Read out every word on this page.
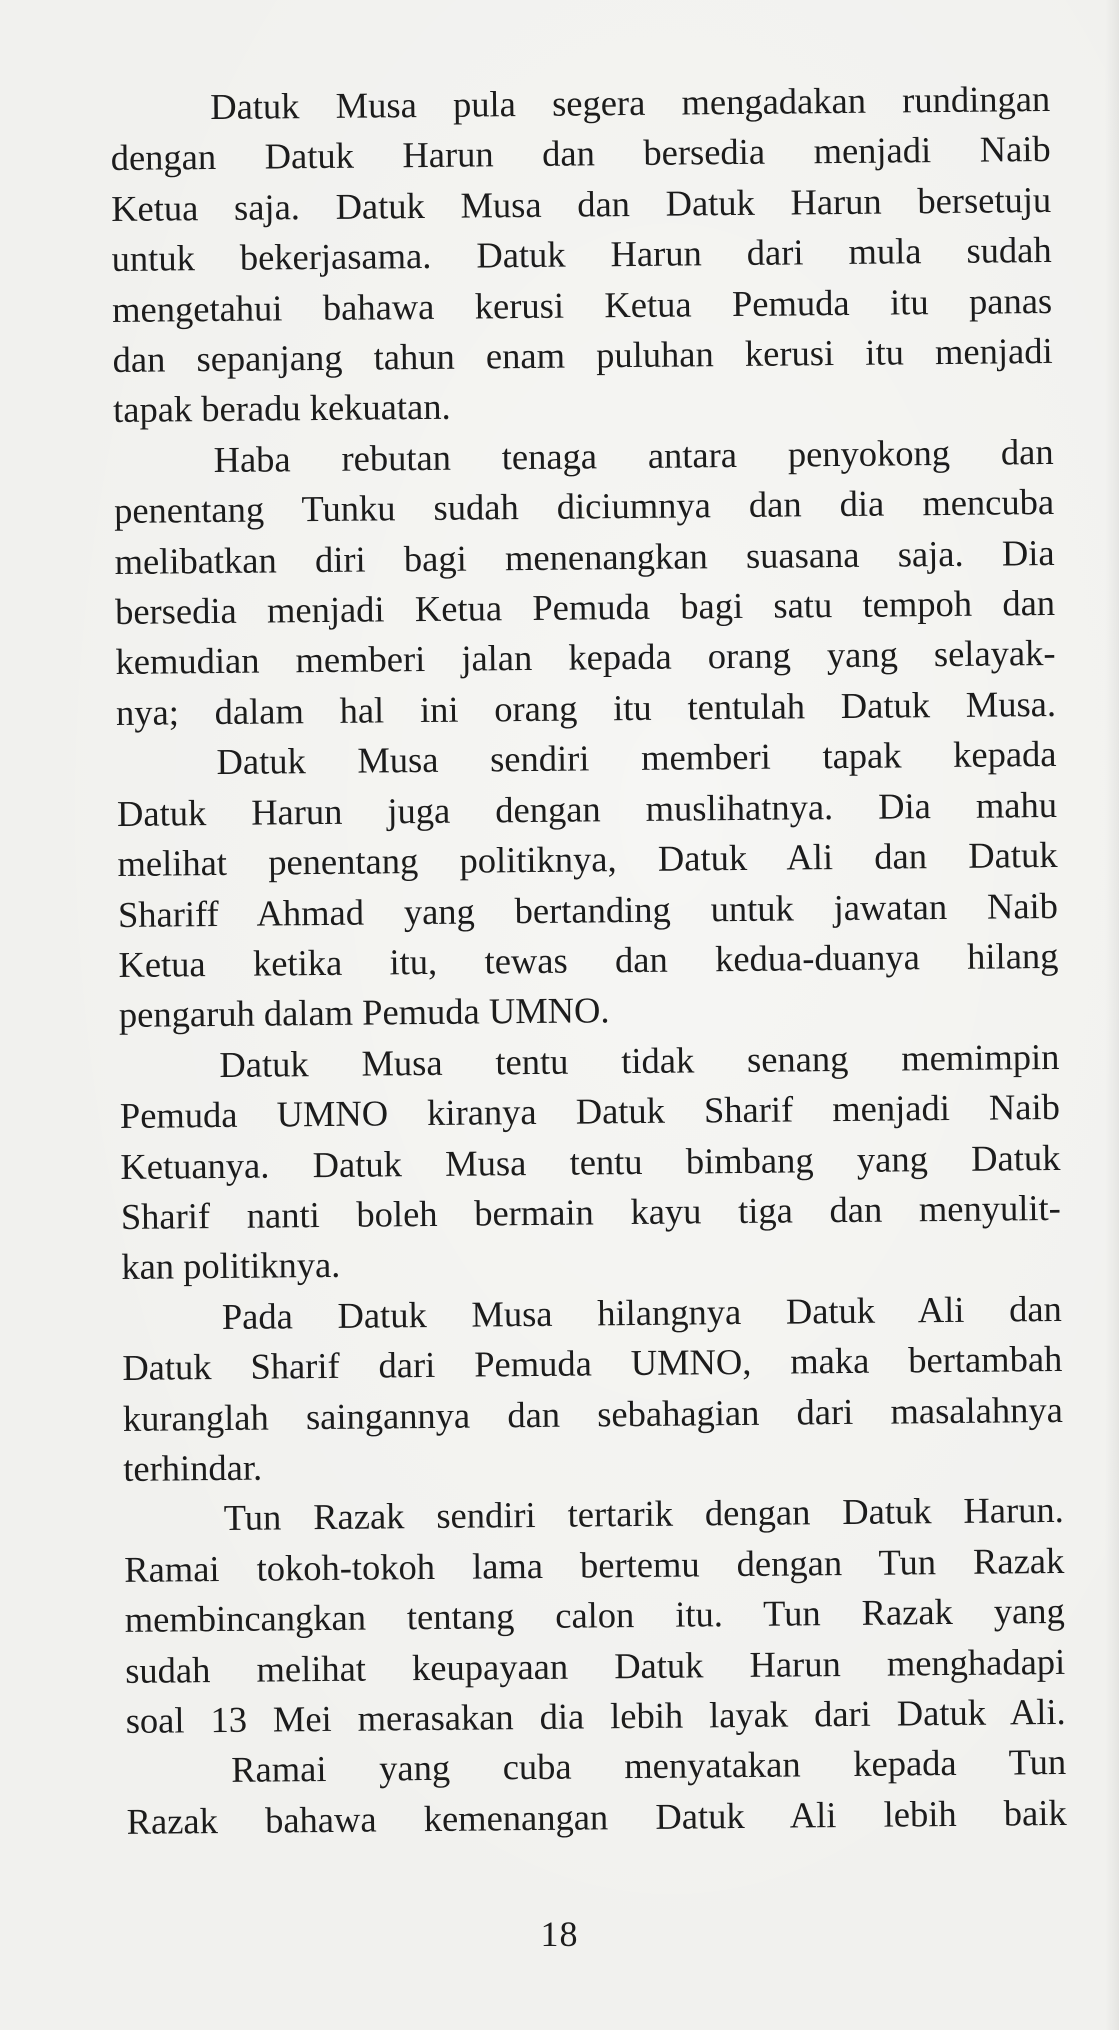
Datuk Musa pula segera mengadakan rundingan
dengan Datuk Harun dan bersedia menjadi Naib
Ketua saja. Datuk Musa dan Datuk Harun bersetuju
untuk bekerjasama. Datuk Harun dari mula sudah
mengetahui bahawa kerusi Ketua Pemuda itu panas
dan sepanjang tahun enam puluhan kerusi itu menjadi
tapak beradu kekuatan.

Haba rebutan tenaga antara penyokong dan
penentang Tunku sudah diciumnya dan dia mencuba
melibatkan diri bagi menenangkan suasana saja. Dia
bersedia menjadi Ketua Pemuda bagi satu tempoh dan
kemudian memberi jalan kepada orang yang selayak-
nya; dalam hal ini orang itu tentulah Datuk Musa.

Datuk Musa sendiri memberi tapak kepada
Datuk Harun juga dengan muslihatnya. Dia mahu
melihat penentang politiknya, Datuk Ali dan Datuk
Shariff Ahmad yang bertanding untuk jawatan Naib
Ketua ketika itu, tewas dan kedua-duanya hilang
pengaruh dalam Pemuda UMNO.

Datuk Musa tentu tidak senang memimpin
Pemuda UMNO kiranya Datuk Sharif menjadi Naib
Ketuanya. Datuk Musa tentu bimbang yang Datuk
Sharif nanti boleh bermain kayu tiga dan menyulit-
kan politiknya.

Pada Datuk Musa hilangnya Datuk Ali dan
Datuk Sharif dari Pemuda UMNO, maka bertambah
kuranglah saingannya dan sebahagian dari masalahnya
terhindar.

Tun Razak sendiri tertarik dengan Datuk Harun.
Ramai tokoh-tokoh lama bertemu dengan Tun Razak
membincangkan tentang calon itu. Tun Razak yang
sudah melihat keupayaan Datuk Harun menghadapi
soal 13 Mei merasakan dia lebih layak dari Datuk Ali.

Ramai yang cuba menyatakan kepada Tun
Razak bahawa kemenangan Datuk Ali lebih baik

18
